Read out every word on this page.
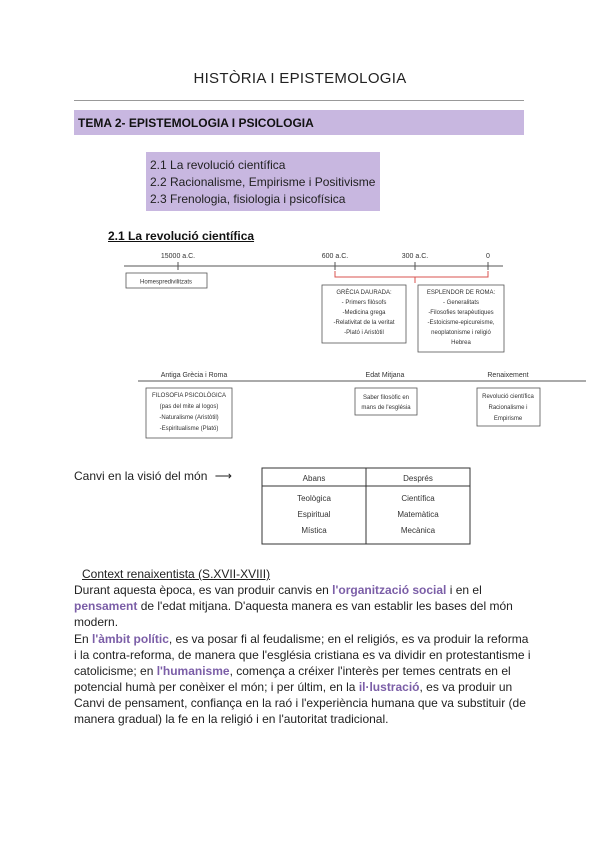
HISTÒRIA I EPISTEMOLOGIA
TEMA 2- EPISTEMOLOGIA I PSICOLOGIA
2.1 La revolució científica
2.2 Racionalisme, Empirisme i Positivisme
2.3 Frenologia, fisiologia i psicofísica
2.1 La revolució científica
15000 a.C.	600 a.C.	300 a.C.	0
Homespredivilitzats
GRÈCIA DAURADA:
- Primers filòsofs
-Medicina grega
-Relativitat de la veritat
-Plató i Aristòtil
ESPLENDOR DE ROMA:
- Generalitats
-Filosofies terapèutiques
-Estoicisme-epicureisme,
neoplatonisme i religió
Hebrea
Antiga Grècia i Roma	Edat Mitjana	Renaixement
FILOSOFIA PSICOLÒGICA
(pas del mite al logos)
-Naturalisme (Aristòtil)
-Espiritualisme (Plató)
Saber filosòfic en
mans de l'església
Revolució científica
Racionalisme i
Empirisme
Canvi en la visió del món ⟶	Abans	Després
Teològica	Científica
Espiritual	Matemàtica
Mística	Mecànica
Context renaixentista (S.XVII-XVIII)

Durant aquesta època, es van produir canvis en l'organització social i en el pensament de l'edat mitjana. D'aquesta manera es van establir les bases del món modern.

En l'àmbit polític, es va posar fi al feudalisme; en el religiós, es va produir la reforma i la contra-reforma, de manera que l'església cristiana es va dividir en protestantisme i catolicisme; en l'humanisme, comença a créixer l'interès per temes centrats en el potencial humà per conèixer el món; i per últim, en la il·lustració, es va produir un Canvi de pensament, confiança en la raó i l'experiència humana que va substituir (de manera gradual) la fe en la religió i en l'autoritat tradicional.
